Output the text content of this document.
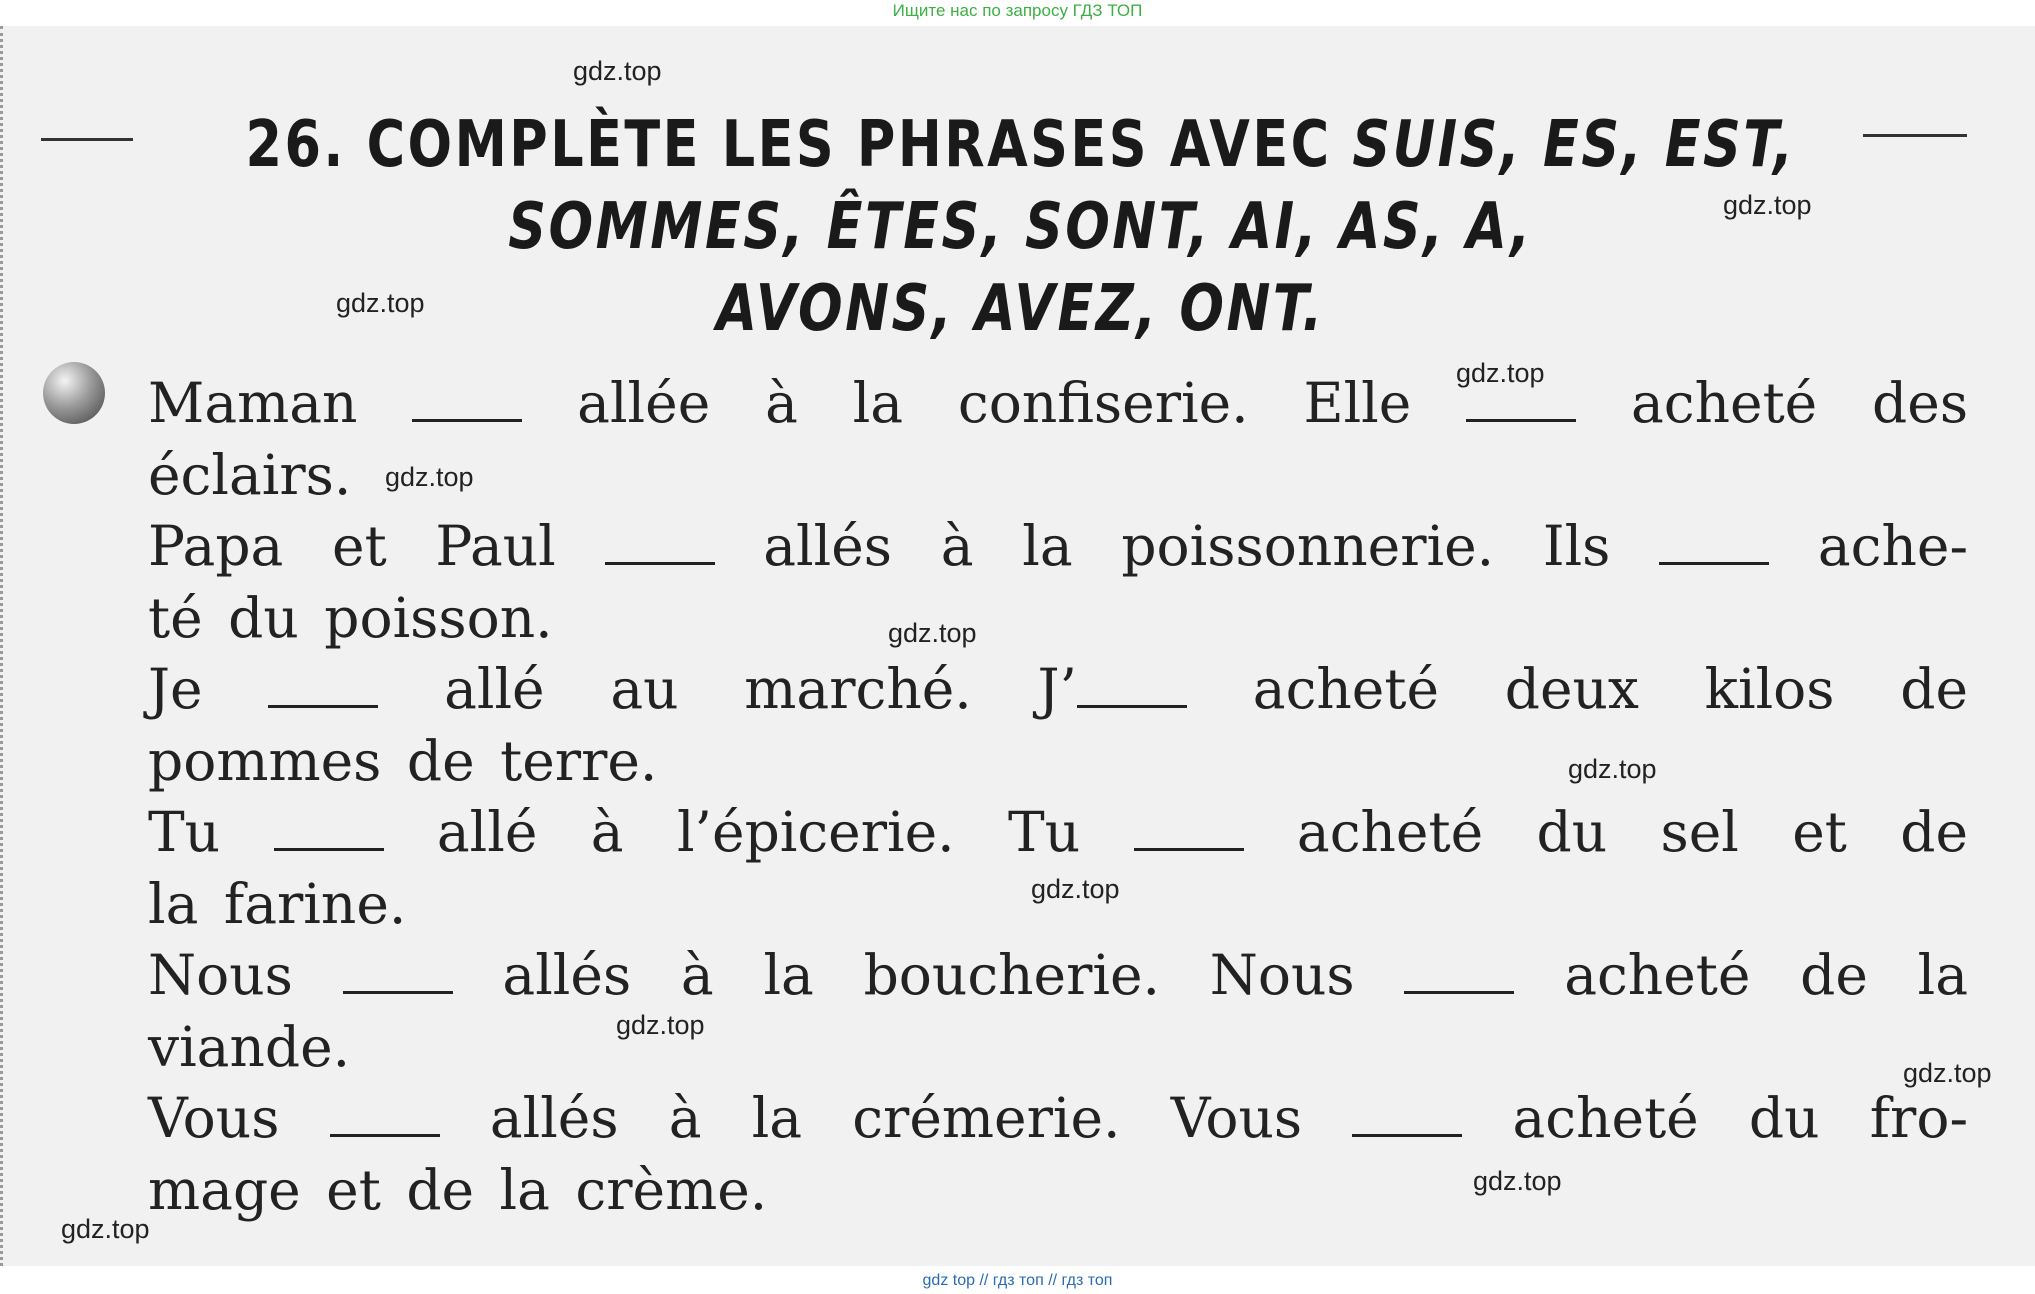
Ищите нас по запросу ГДЗ ТОП
26. COMPLÈTE LES PHRASES AVEC SUIS, ES, EST,
SOMMES, ÊTES, SONT, AI, AS, A,
AVONS, AVEZ, ONT.
Maman	allée à la confiserie. Elle	acheté des
éclairs.
Papa et Paul	allés à la poissonnerie. Ils	ache-
té du poisson.
Je	allé au marché. J’	acheté deux kilos de
pommes de terre.
Tu	allé à l’épicerie. Tu	acheté du sel et de
la farine.
Nous	allés à la boucherie. Nous	acheté de la
viande.
Vous	allés à la crémerie. Vous	acheté du fro-
mage et de la crème.
gdz.top
gdz.top
gdz.top
gdz.top
gdz.top
gdz.top
gdz.top
gdz.top
gdz.top
gdz.top
gdz.top
gdz.top
gdz top // гдз топ // гдз топ
